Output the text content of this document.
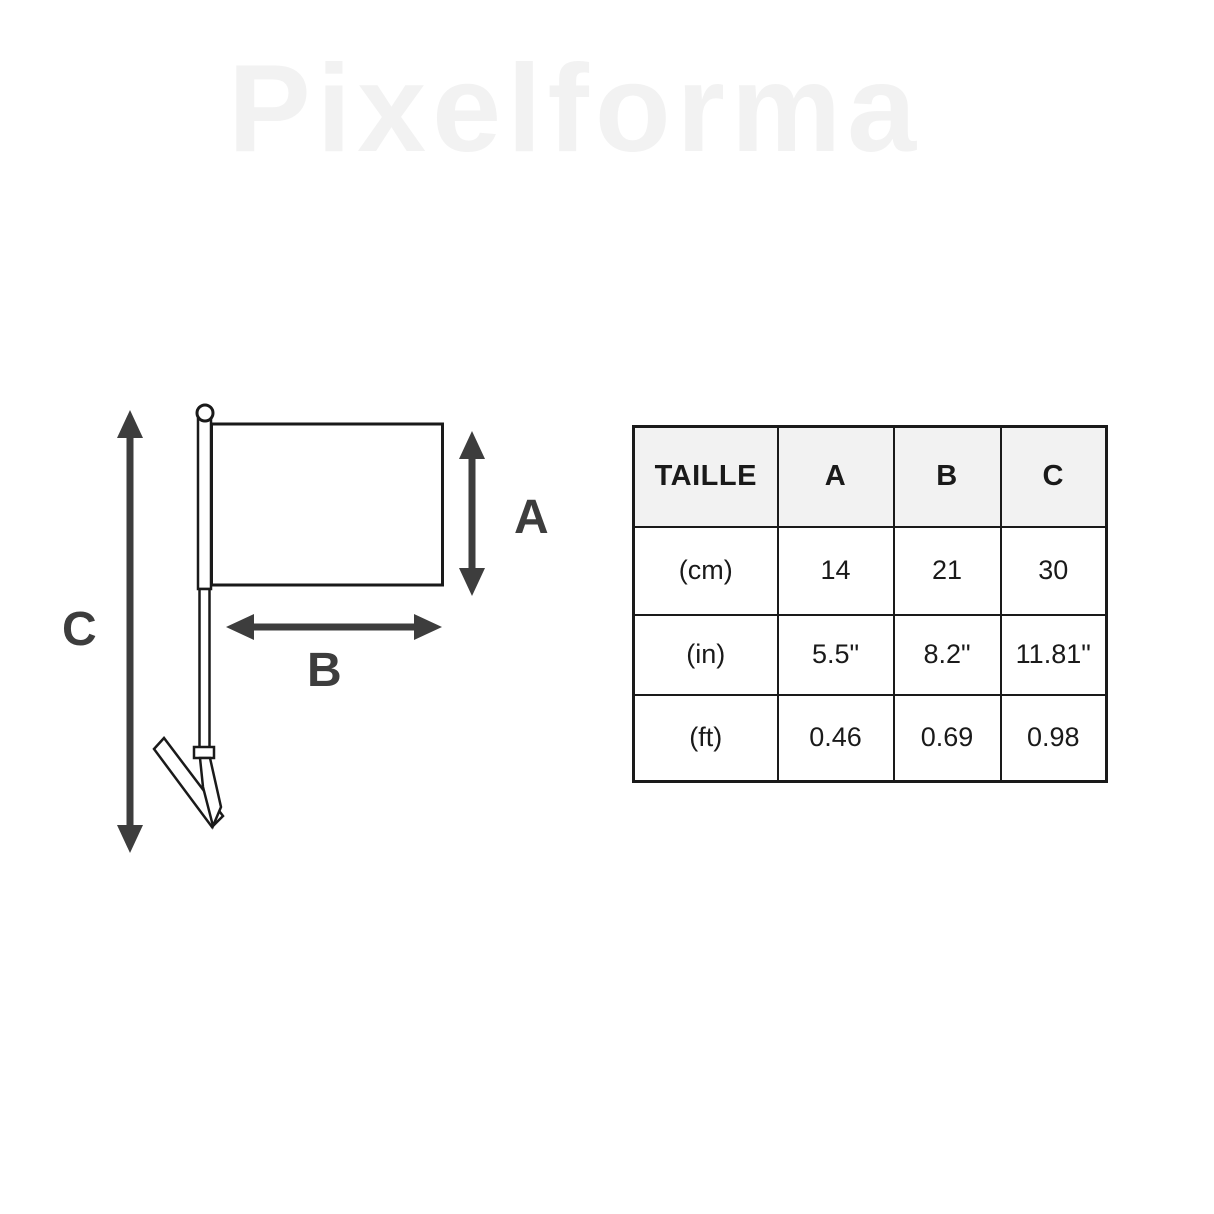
Pixelforma
C
A
B
TAILLE	A	B	C
(cm)	14	21	30
(in)	5.5"	8.2"	11.81"
(ft)	0.46	0.69	0.98
